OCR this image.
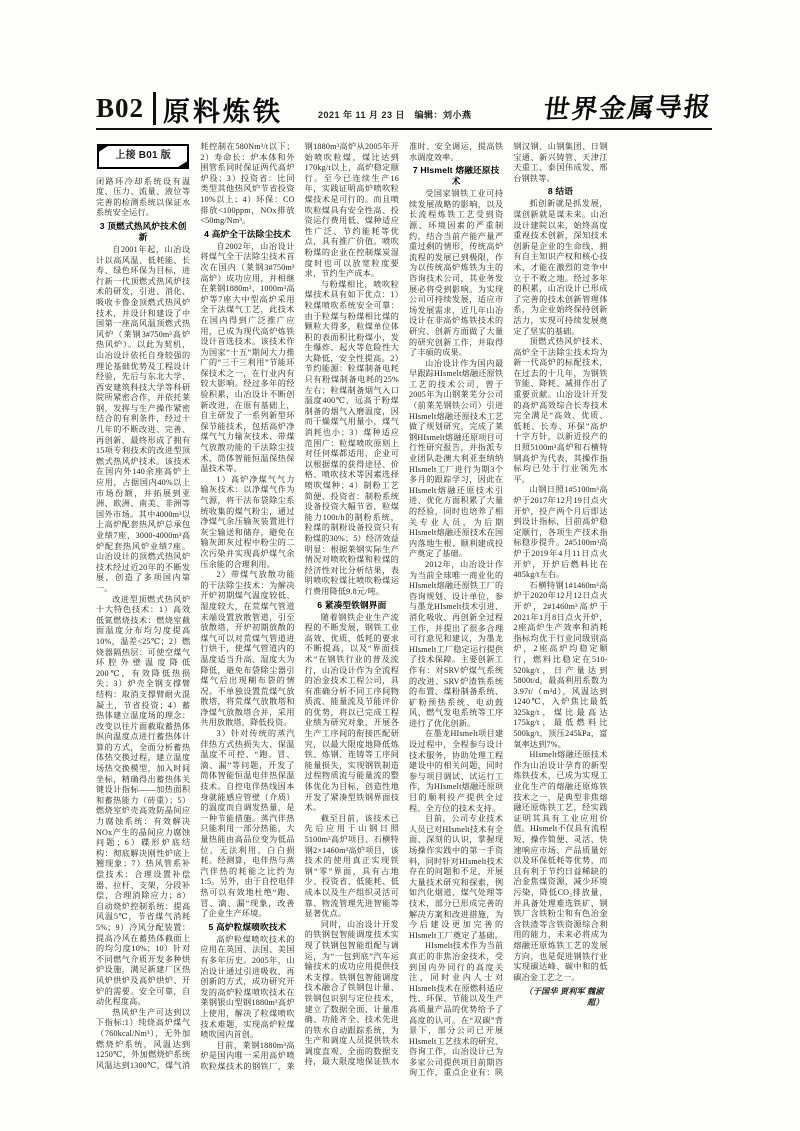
B02 原料炼铁	2021 年 11 月 23 日　编辑：刘小燕	世界金属导报
上接 B01 版

闭路环冷却系统设有温度、压力、流量、液位等完善的检测系统以保证水系统安全运行。

3 顶燃式热风炉技术创新

自2001年起，山冶设计以高风温、低耗能、长寿、绿色环保为目标，进行新一代顶燃式热风炉技术的研发，引进、消化、吸收卡鲁金顶燃式热风炉技术，并设计和建设了中国第一座高风温顶燃式热风炉（莱钢3#750m³高炉热风炉）。以此为契机，山冶设计依托自身较强的理论基础优势及工程设计经验，先后与东北大学、西安建筑科技大学等科研院所紧密合作，并依托莱钢，发挥与生产操作紧密结合的有利条件，经过十几年的不断改进、完善、再创新，最终形成了拥有15项专利技术的改进型顶燃式热风炉技术。该技术在国内外140余座高炉上应用，占据国内40%以上市场份额，并拓展到亚洲、欧洲、南美、非洲等国外市场。其中4000m³以上高炉配套热风炉总承包业绩7座，3000-4000m³高炉配套热风炉业绩7座。山冶设计的顶燃式热风炉技术经过近20年的不断发展，创造了多项国内第一。

改进型顶燃式热风炉十大特色技术：1）高效低氮燃烧技术：燃烧室截面温度分布均匀度提高10%，温差<25℃；2）燃烧器隔热层：可使空煤气环腔外壁温度降低200℃，有效降低热损失；3）炉壳全钢支撑臂结构：取消支撑臂耐火混凝土，节省投资；4）蓄热体建立温度场的理念：改变以往片面截取蓄热体纵向温度点进行蓄热体计算的方式，全面分析蓄热体热交换过程，建立温度场热交换模型，加入时间坐标，精确得出蓄热体关键设计指标——加热面积和蓄热能力（砖重）；5）燃烧室炉壳高效防晶间应力腐蚀系统：有效解决NOx产生的晶间应力腐蚀问题；6）碟形炉底结构：彻底解决刚性炉底上翘现象；7）热风管系补偿技术：合理设置补偿器、拉杆、支架，分段补偿，合理消除应力；8）自动烧炉控制系统：提高风温5℃，节省煤气消耗5%；9）冷风分配装置：提高冷风在蓄热体截面上的均匀度10%；10）针对不同燃气介质开发多种烘炉设施，满足新建厂区热风炉烘炉及高炉烘炉、开炉的需要。安全可靠，自动化程度高。

热风炉生产可达到以下指标:1）纯烧高炉煤气（760kcal/Nm³），无外加燃烧炉系统，风温达到1250℃，外加燃烧炉系统风温达到1300℃，煤气消耗控制在580Nm³/t以下；2）寿命长：炉本体和外围管系同时保证两代高炉炉役；3）投资省：比同类型其他热风炉节省投资10%以上；4）环保：CO排放<100ppm，NOx排放<50mg/Nm³。

4 高炉全干法除尘技术

自2002年，山冶设计将煤气全干法除尘技术首次在国内（莱钢3#750m³高炉）成功应用，并相继在莱钢1880m³、1000m³高炉等7座大中型高炉采用全干法煤气工艺，此技术在国内得到广泛推广应用，已成为现代高炉炼铁设计首选技术。该技术作为国家“十五”期间大力推广的“三干三利用”节能环保技术之一，在行业内有较大影响。经过多年的经验积累，山冶设计不断创新改进，在原有基础上，自主研发了一系列新型环保节能技术，包括高炉净煤气气力输灰技术、带煤气放散功能的干法除尘技术、筒体智能恒温保热保温技术等。

1）高炉净煤气气力输灰技术：以净煤气作为气源，将干法布袋除尘系统收集的煤气粉尘，通过净煤气余压输灰装置进行灰尘输送和储存，避免在输灰卸灰过程中粉尘的二次污染并实现高炉煤气余压余能的合理利用。

2）带煤气放散功能的干法除尘技术：为解决开炉初期煤气温度较低、湿度较大，在荒煤气管道末端设置放散管道，引至放散塔，开炉初期放散的煤气可以对荒煤气管道进行烘干，使煤气管道内的温度适当升高、湿度大为降低，避免布袋除尘器引煤气后出现糊布袋的情况。不单独设置荒煤气放散塔，将荒煤气放散塔和净煤气放散塔合并，采用共用放散塔，降低投资。

3）针对传统的蒸汽伴热方式热损失大、保温温度不可控、“跑、冒、滴、漏”等问题，开发了筒体智能恒温电伴热保温技术。自控电伴热线因本身就能感应管壁（介质）的温度而自调发热量，是一种节能措施。蒸汽伴热只能利用一部分热能，大量热能由高品位变为低品位，无法利用，白白损耗。经测算，电伴热与蒸汽伴热的耗能之比约为1:5。另外，由于自控电伴热可以有效地杜绝“跑、冒、滴、漏”现象，改善了企业生产环境。

5 高炉粒煤喷吹技术

高炉粒煤喷吹技术的应用在英国、法国、美国有多年历史。2005年，山冶设计通过引进吸收、再创新的方式，成功研究开发的高炉粒煤喷吹技术在莱钢银山型钢1880m³高炉上使用，解决了粒煤喷吹技术难题，实现高炉粒煤喷吹国内首创。

目前，莱钢1880m³高炉是国内唯一采用高炉喷吹粒煤技术的钢铁厂，莱钢1880m³高炉从2005年开始喷吹粒煤，煤比达到170kg/t以上，高炉稳定顺行。至今已连续生产16年，实践证明高炉喷吹粒煤技术是可行的。而且喷吹粒煤具有安全性高、投资运行费用低、煤种适应性广泛、节约能耗等优点，具有推广价值。喷吹粉煤的企业在控制煤炭湿度时也可以放宽粒度要求，节约生产成本。

与粉煤相比，喷吹粒煤技术具有如下优点：1）粒煤喷吹系统安全可靠：由于粒煤与粉煤相比煤的颗粒大得多，粒煤单位体积的表面积比粉煤小，发生爆炸、起火等危险性大大降低，安全性提高。2）节约能源：粒煤制备电耗只有粉煤制备电耗的25%左右；粒煤制备烟气入口温度400℃，远高于粉煤制备的烟气入磨温度，因而干燥煤气用量小，煤气消耗也小；3）煤种适应范围广：粒煤喷吹原则上对任何煤都适用，企业可以根据煤的获得途径、价格、喷吹技术等因素选择喷吹煤种；4）制粉工艺简便、投资省：制粉系统设备投资大幅节省，粒煤能力100t/h的制粉系统，粒煤的制粉设备投资只有粉煤的30%；5）经济效益明显：根据莱钢实际生产情况对喷吹粉煤和粒煤的经济性对比分析结果，表明喷吹粒煤比喷吹粉煤运行费用降低9.8元/吨。

6 紧凑型铁钢界面

随着钢铁企业生产流程的不断发展，钢铁工业高效、优质、低耗的要求不断提高，以及“界面技术”在钢铁行业的普及流行，山冶设计作为全流程的冶金技术工程公司，具有准确分析不同工序间物质流、能量流及节能评价的优势，将以已完成工程业绩为研究对象，开展各生产工序间的衔接匹配研究，以最大限度地降低炼铁、炼钢、连铸等工序间能量损失，实现钢铁制造过程物质流与能量流的整体优化为目标，创造性地开发了紧凑型铁钢界面技术。

截至目前，该技术已先后应用于山钢日照5100m³高炉项目、石横特钢2×1460m³高炉项目，该技术的使用真正实现铁钢“零”界面，具有占地少、投资省、低能耗、低成本以及生产组织灵活可靠、物流管理先进智能等显著优点。

同时，山冶设计开发的铁钢包智能调度技术实现了铁钢包智能组配与调运，为“一包到底”汽车运输技术的成功应用提供技术支撑。铁钢包智能调度技术融合了铁钢包计量、铁钢包识别与定位技术，建立了数据全面、计量准确、功能齐全、技术先进的铁水自动跟踪系统，为生产和调度人员提供铁水调度直观、全面的数据支持，最大限度地保证铁水准时、安全调运，提高铁水调度效率。

7 HIsmelt 熔融还原技术

受国家钢铁工业可持续发展战略的影响，以及长流程炼铁工艺受到资源、环境因素的严重制约，结合当前产能产量严重过剩的情形，传统高炉流程的发展已到极限，作为以传统高炉炼铁为主的咨询技术公司，其业务发展必将受到影响。为实现公司可持续发展，适应市场发展需求，近几年山冶设计在非高炉炼铁技术的研究、创新方面做了大量的研究创新工作，并取得了丰硕的成果。

山冶设计作为国内最早跟踪HIsmelt熔融还原铁工艺的技术公司，曾于2005年为山钢莱芜分公司（前莱芜钢铁公司）引进HIsmelt熔融还原技术工艺做了规划研究，完成了莱钢HIsmelt熔融还原项目可行性研究报告，并指派专业团队赴澳大利亚奎纳纳HIsmelt工厂进行为期3个多月的跟踪学习，因此在HIsmelt熔融还原技术引进、优化方面积累了大量的经验，同时也培养了相关专业人员，为后期HIsmelt熔融还原技术在国内落地生根、顺利建成投产奠定了基础。

2012年，山冶设计作为当前全球唯一商业化的HIsmelt熔融还原铁工厂的咨询规划、设计单位，参与墨龙HIsmelt技术引进、消化吸收、再创新全过程工作，并提出了很多合理可行意见和建议，为墨龙HIsmelt工厂稳定运行提供了技术保障。主要创新工作有：对SRV炉煤气系统的改进、SRV炉渣铁系统的布置、煤粉制备系统、矿粉预热系统、电动鼓风、燃气发电系统等工序进行了优化创新。

在墨龙HIsmelt项目建设过程中，全程参与设计技术服务，协助处理工程建设中的相关问题，同时参与项目调试、试运行工作，为HIsmelt熔融还原项目的顺利投产提供全过程、全方位的技术支持。

目前，公司专业技术人员已对HIsmelt技术有全面、深刻的认识，掌握现场操作实践中的第一手资料，同时针对HIsmelt技术存在的问题和不足，开展大量技术研究和探索，例如汽化烟道、煤气处理等技术，部分已形成完善的解决方案和改进措施，为今后建设更加完善的HIsmelt工厂奠定了基础。

HIsmelt技术作为当前真正的非焦冶金技术，受到国内外同行的高度关注，同时业内人士对HIsmelt技术在原燃料适应性、环保、节能以及生产高质量产品的优势给予了高度的认可。在“双碳”背景下，部分公司已开展HIsmelt工艺技术的研究、咨询工作，山冶设计已为多家公司提供项目前期咨询工作，重点企业有：陕钢汉钢、山钢集团、日钢宝通、新兴铸管、天津江天重工、泰国伟成发、邢台钢铁等。

8 结语

抓创新就是抓发展，谋创新就是谋未来。山冶设计建院以来，始终高度重视技术创新，深知技术创新是企业的生命线，拥有自主知识产权和核心技术，才能在激烈的竞争中立于不败之地。经过多年的积累，山冶设计已形成了完善的技术创新管理体系，为企业始终保持创新活力，实现可持续发展奠定了坚实的基础。

顶燃式热风炉技术、高炉全干法除尘技术均为新一代高炉的标配技术，在过去的十几年，为钢铁节能、降耗、减排作出了重要贡献。山冶设计开发的高炉高效综合长寿技术完全满足“高效、优质、低耗、长寿、环保”高炉十字方针，以新近投产的日照5100m³高炉和石横特钢高炉为代表，其操作指标均已处于行业领先水平。

山钢日照1#5100m³高炉于2017年12月19日点火开炉，投产两个月后即达到设计指标，目前高炉稳定顺行，各项生产技术指标稳步提升。2#5100m³高炉于2019年4月11日点火开炉，开炉后燃料比在485kg/t左右。

石横特钢1#1460m³高炉于2020年12月12日点火开炉，2#1460m³高炉于2021年1月8日点火开炉，2座高炉生产效率和消耗指标均优于行业同级别高炉，2座高炉均稳定顺行，燃料比稳定在510-520kg/t，日产量达到5800t/d，最高利用系数为3.97t/（m³d），风温达到1240℃，入炉焦比最低325kg/t，煤比最高达175kg/t，最低燃料比500kg/t，顶压245kPa，富氧率达到7%。

HIsmelt熔融还原技术作为山冶设计孕育的新型炼铁技术，已成为实现工业化生产的熔融还原炼铁技术之一，是典型非焦熔融还原炼铁工艺，经实践证明其具有工业应用价值。HIsmelt不仅具有流程短、操作简便、灵活、快速响应市场、产品质量好以及环保低耗等优势，而且有利于节约日益稀缺的冶金焦煤资源，减少环境污染，降低CO₂排放量，并具备处理难选铁矿、钢铁厂含铁粉尘和有色冶金含铁渣等含铁资源综合利用的能力，未来必将成为熔融还原炼铁工艺的发展方向，也是促进钢铁行业实现碳达峰、碳中和的低碳冶金工艺之一。

（于国华 贾利军 魏淑超）
